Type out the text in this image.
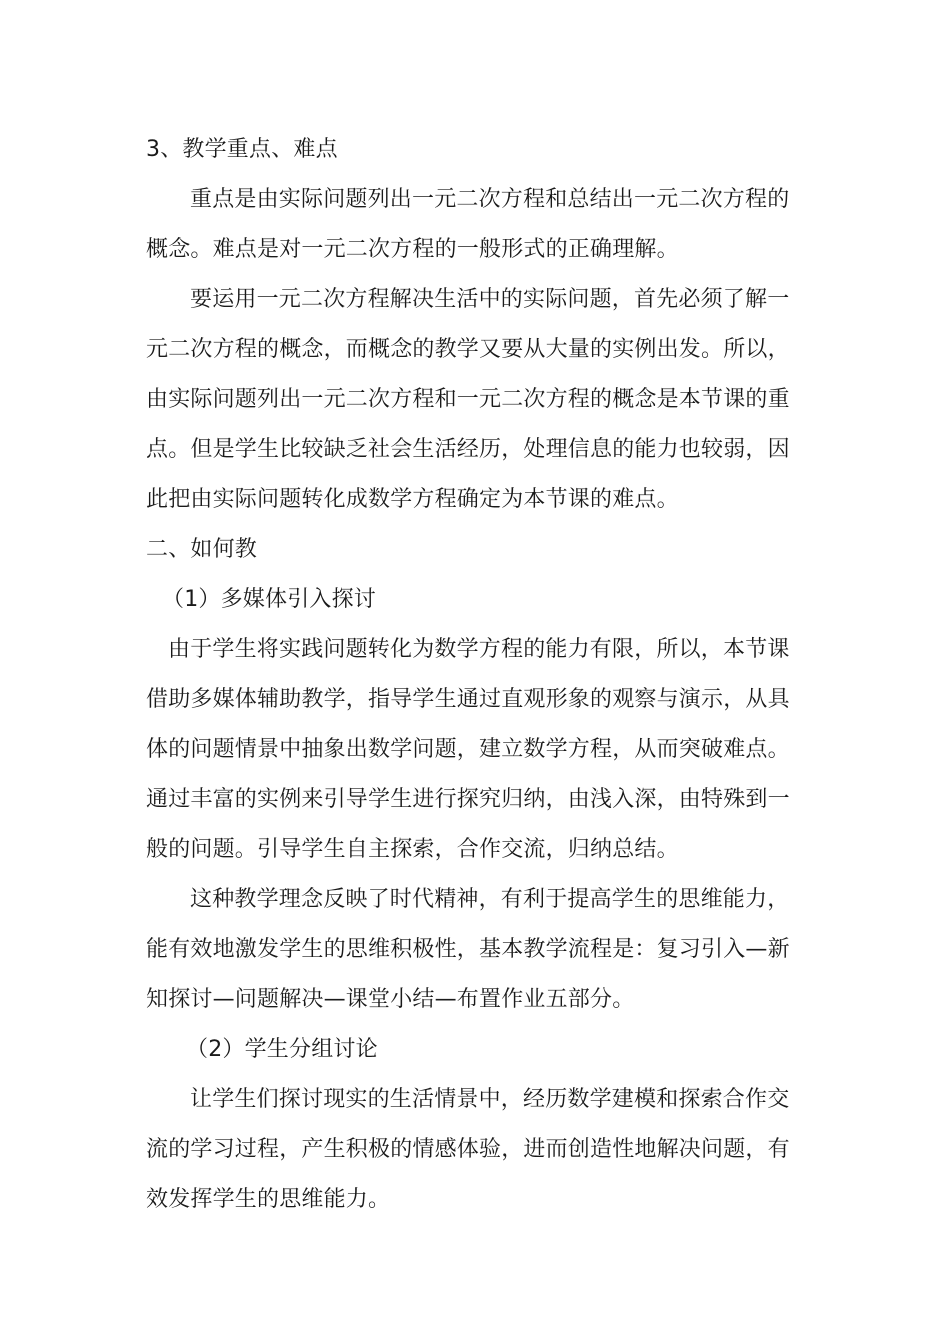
3、教学重点、难点
重点是由实际问题列出一元二次方程和总结出一元二次方程的
概念。难点是对一元二次方程的一般形式的正确理解。
要运用一元二次方程解决生活中的实际问题，首先必须了解一
元二次方程的概念，而概念的教学又要从大量的实例出发。所以，
由实际问题列出一元二次方程和一元二次方程的概念是本节课的重
点。但是学生比较缺乏社会生活经历，处理信息的能力也较弱，因
此把由实际问题转化成数学方程确定为本节课的难点。
二、如何教
（1）多媒体引入探讨
由于学生将实践问题转化为数学方程的能力有限，所以，本节课
借助多媒体辅助教学，指导学生通过直观形象的观察与演示，从具
体的问题情景中抽象出数学问题，建立数学方程，从而突破难点。
通过丰富的实例来引导学生进行探究归纳，由浅入深，由特殊到一
般的问题。引导学生自主探索，合作交流，归纳总结。
这种教学理念反映了时代精神，有利于提高学生的思维能力，
能有效地激发学生的思维积极性，基本教学流程是：复习引入—新
知探讨—问题解决—课堂小结—布置作业五部分。
（2）学生分组讨论
让学生们探讨现实的生活情景中，经历数学建模和探索合作交
流的学习过程，产生积极的情感体验，进而创造性地解决问题，有
效发挥学生的思维能力。
